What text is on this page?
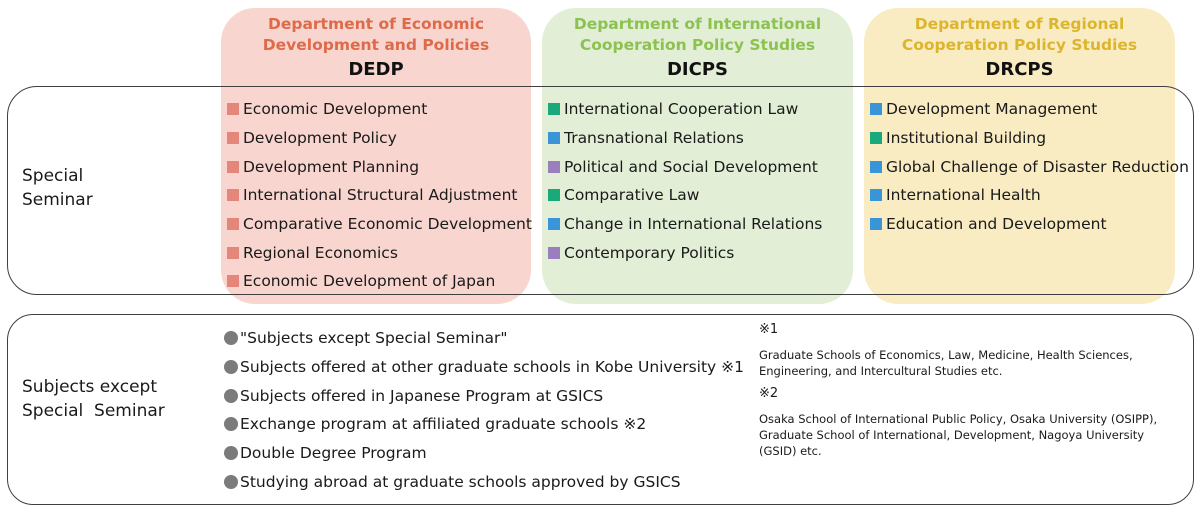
Department of Economic
Development and Policies
DEDP
Department of International
Cooperation Policy Studies
DICPS
Department of Regional
Cooperation Policy Studies
DRCPS
Special
Seminar
Subjects except
Special  Seminar
Economic Development
Development Policy
Development Planning
International Structural Adjustment
Comparative Economic Development
Regional Economics
Economic Development of Japan
International Cooperation Law
Transnational Relations
Political and Social Development
Comparative Law
Change in International Relations
Contemporary Politics
Development Management
Institutional Building
Global Challenge of Disaster Reduction
International Health
Education and Development
"Subjects except Special Seminar"
Subjects offered at other graduate schools in Kobe University ※1
Subjects offered in Japanese Program at GSICS
Exchange program at affiliated graduate schools ※2
Double Degree Program
Studying abroad at graduate schools approved by GSICS
※1
Graduate Schools of Economics, Law, Medicine, Health Sciences,
Engineering, and Intercultural Studies etc.
※2
Osaka School of International Public Policy, Osaka University (OSIPP),
Graduate School of International, Development, Nagoya University
(GSID) etc.
